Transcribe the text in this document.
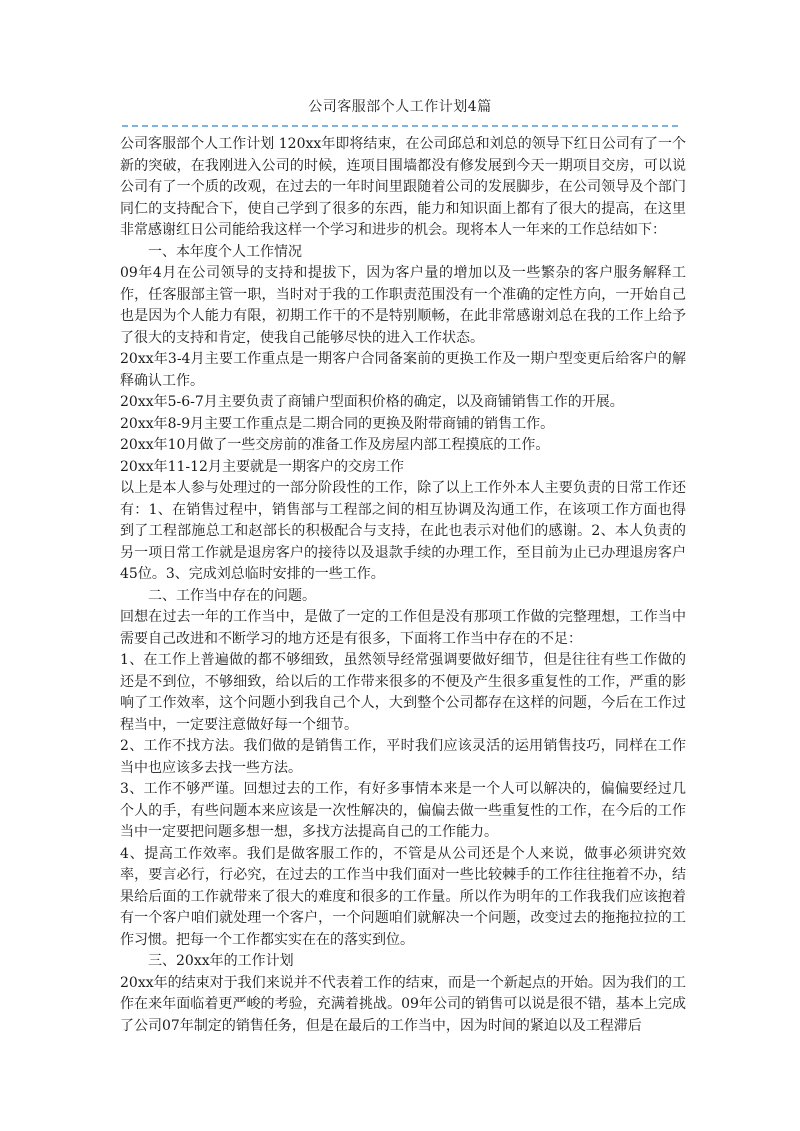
公司客服部个人工作计划4篇

公司客服部个人工作计划 120xx年即将结束，在公司邱总和刘总的领导下红日公司有了一个新的突破，在我刚进入公司的时候，连项目围墙都没有修发展到今天一期项目交房，可以说公司有了一个质的改观，在过去的一年时间里跟随着公司的发展脚步，在公司领导及个部门同仁的支持配合下，使自己学到了很多的东西，能力和知识面上都有了很大的提高，在这里非常感谢红日公司能给我这样一个学习和进步的机会。现将本人一年来的工作总结如下：

一、本年度个人工作情况

09年4月在公司领导的支持和提拔下，因为客户量的增加以及一些繁杂的客户服务解释工作，任客服部主管一职，当时对于我的工作职责范围没有一个准确的定性方向，一开始自己也是因为个人能力有限，初期工作干的不是特别顺畅，在此非常感谢刘总在我的工作上给予了很大的支持和肯定，使我自己能够尽快的进入工作状态。

20xx年3-4月主要工作重点是一期客户合同备案前的更换工作及一期户型变更后给客户的解释确认工作。

20xx年5-6-7月主要负责了商铺户型面积价格的确定，以及商铺销售工作的开展。

20xx年8-9月主要工作重点是二期合同的更换及附带商铺的销售工作。

20xx年10月做了一些交房前的准备工作及房屋内部工程摸底的工作。

20xx年11-12月主要就是一期客户的交房工作

以上是本人参与处理过的一部分阶段性的工作，除了以上工作外本人主要负责的日常工作还有：1、在销售过程中，销售部与工程部之间的相互协调及沟通工作，在该项工作方面也得到了工程部施总工和赵部长的积极配合与支持，在此也表示对他们的感谢。2、本人负责的另一项日常工作就是退房客户的接待以及退款手续的办理工作，至目前为止已办理退房客户45位。3、完成刘总临时安排的一些工作。

二、工作当中存在的问题。

回想在过去一年的工作当中，是做了一定的工作但是没有那项工作做的完整理想，工作当中需要自己改进和不断学习的地方还是有很多，下面将工作当中存在的不足：

1、在工作上普遍做的都不够细致，虽然领导经常强调要做好细节，但是往往有些工作做的还是不到位，不够细致，给以后的工作带来很多的不便及产生很多重复性的工作，严重的影响了工作效率，这个问题小到我自己个人，大到整个公司都存在这样的问题，今后在工作过程当中，一定要注意做好每一个细节。

2、工作不找方法。我们做的是销售工作，平时我们应该灵活的运用销售技巧，同样在工作当中也应该多去找一些方法。

3、工作不够严谨。回想过去的工作，有好多事情本来是一个人可以解决的，偏偏要经过几个人的手，有些问题本来应该是一次性解决的，偏偏去做一些重复性的工作，在今后的工作当中一定要把问题多想一想，多找方法提高自己的工作能力。

4、提高工作效率。我们是做客服工作的，不管是从公司还是个人来说，做事必须讲究效率，要言必行，行必究，在过去的工作当中我们面对一些比较棘手的工作往往拖着不办，结果给后面的工作就带来了很大的难度和很多的工作量。所以作为明年的工作我我们应该抱着有一个客户咱们就处理一个客户，一个问题咱们就解决一个问题，改变过去的拖拖拉拉的工作习惯。把每一个工作都实实在在的落实到位。

三、20xx年的工作计划

20xx年的结束对于我们来说并不代表着工作的结束，而是一个新起点的开始。因为我们的工作在来年面临着更严峻的考验，充满着挑战。09年公司的销售可以说是很不错，基本上完成了公司07年制定的销售任务，但是在最后的工作当中，因为时间的紧迫以及工程滞后
